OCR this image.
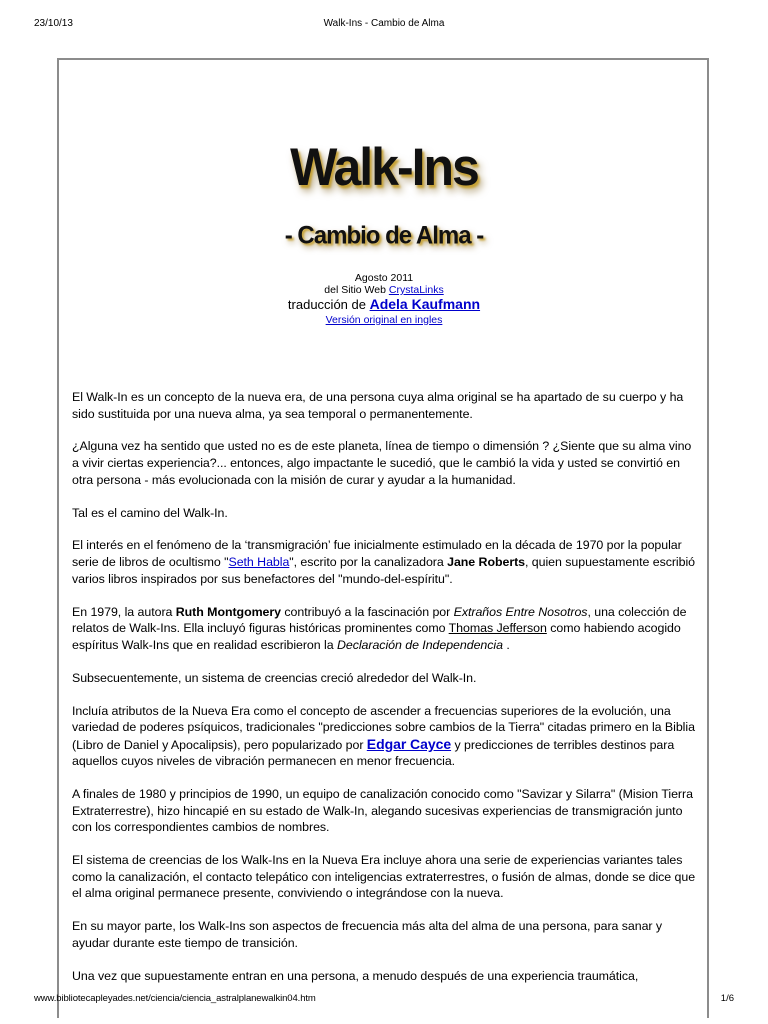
23/10/13	Walk-Ins - Cambio de Alma
Walk-Ins
- Cambio de Alma -
Agosto 2011
del Sitio Web CrystaLinks
traducción de Adela Kaufmann
Versión original en ingles

El Walk-In es un concepto de la nueva era, de una persona cuya alma original se ha apartado de su cuerpo y ha sido sustituida por una nueva alma, ya sea temporal o permanentemente.

¿Alguna vez ha sentido que usted no es de este planeta, línea de tiempo o dimensión ? ¿Siente que su alma vino a vivir ciertas experiencia?... entonces, algo impactante le sucedió, que le cambió la vida y usted se convirtió en otra persona - más evolucionada con la misión de curar y ayudar a la humanidad.

Tal es el camino del Walk-In.

El interés en el fenómeno de la ‘transmigración’ fue inicialmente estimulado en la década de 1970 por la popular serie de libros de ocultismo "Seth Habla", escrito por la canalizadora Jane Roberts, quien supuestamente escribió varios libros inspirados por sus benefactores del "mundo-del-espíritu".

En 1979, la autora Ruth Montgomery contribuyó a la fascinación por Extraños Entre Nosotros, una colección de relatos de Walk-Ins. Ella incluyó figuras históricas prominentes como Thomas Jefferson como habiendo acogido espíritus Walk-Ins que en realidad escribieron la Declaración de Independencia .

Subsecuentemente, un sistema de creencias creció alrededor del Walk-In.

Incluía atributos de la Nueva Era como el concepto de ascender a frecuencias superiores de la evolución, una variedad de poderes psíquicos, tradicionales "predicciones sobre cambios de la Tierra" citadas primero en la Biblia (Libro de Daniel y Apocalipsis), pero popularizado por Edgar Cayce y predicciones de terribles destinos para aquellos cuyos niveles de vibración permanecen en menor frecuencia.

A finales de 1980 y principios de 1990, un equipo de canalización conocido como "Savizar y Silarra" (Mision Tierra Extraterrestre), hizo hincapié en su estado de Walk-In, alegando sucesivas experiencias de transmigración junto con los correspondientes cambios de nombres.

El sistema de creencias de los Walk-Ins en la Nueva Era incluye ahora una serie de experiencias variantes tales como la canalización, el contacto telepático con inteligencias extraterrestres, o fusión de almas, donde se dice que el alma original permanece presente, conviviendo o integrándose con la nueva.

En su mayor parte, los Walk-Ins son aspectos de frecuencia más alta del alma de una persona, para sanar y ayudar durante este tiempo de transición.

Una vez que supuestamente entran en una persona, a menudo después de una experiencia traumática,

www.bibliotecapleyades.net/ciencia/ciencia_astralplanewalkin04.htm	1/6
